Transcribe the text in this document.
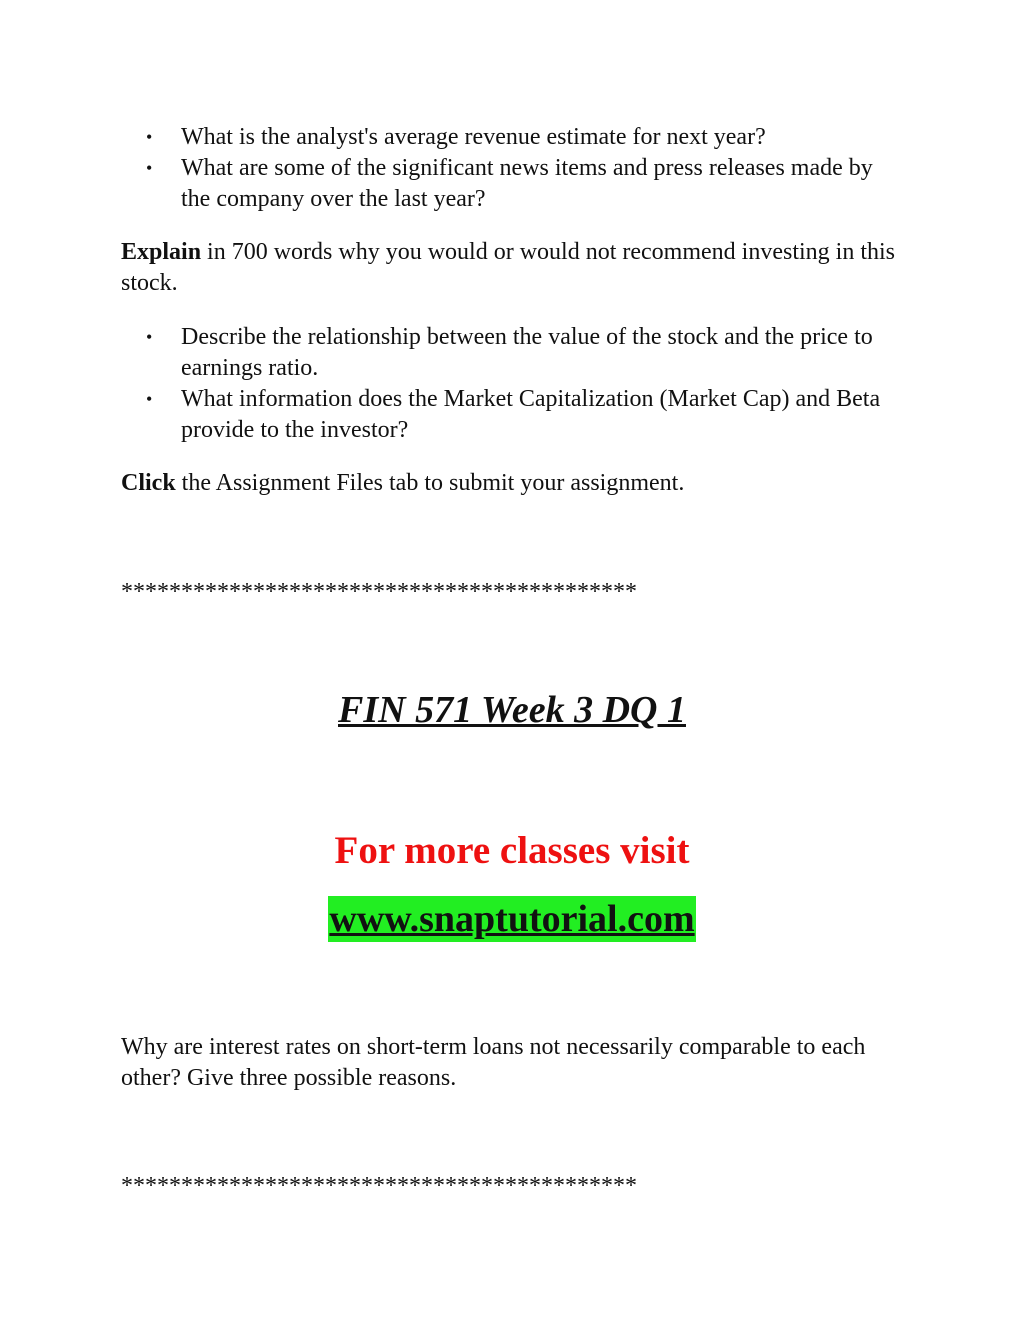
• What is the analyst's average revenue estimate for next year?
• What are some of the significant news items and press releases made by the company over the last year?

Explain in 700 words why you would or would not recommend investing in this stock.

• Describe the relationship between the value of the stock and the price to earnings ratio.
• What information does the Market Capitalization (Market Cap) and Beta provide to the investor?

Click the Assignment Files tab to submit your assignment.

*******************************************

FIN 571 Week 3 DQ 1

For more classes visit

www.snaptutorial.com

Why are interest rates on short-term loans not necessarily comparable to each other? Give three possible reasons.

*******************************************
